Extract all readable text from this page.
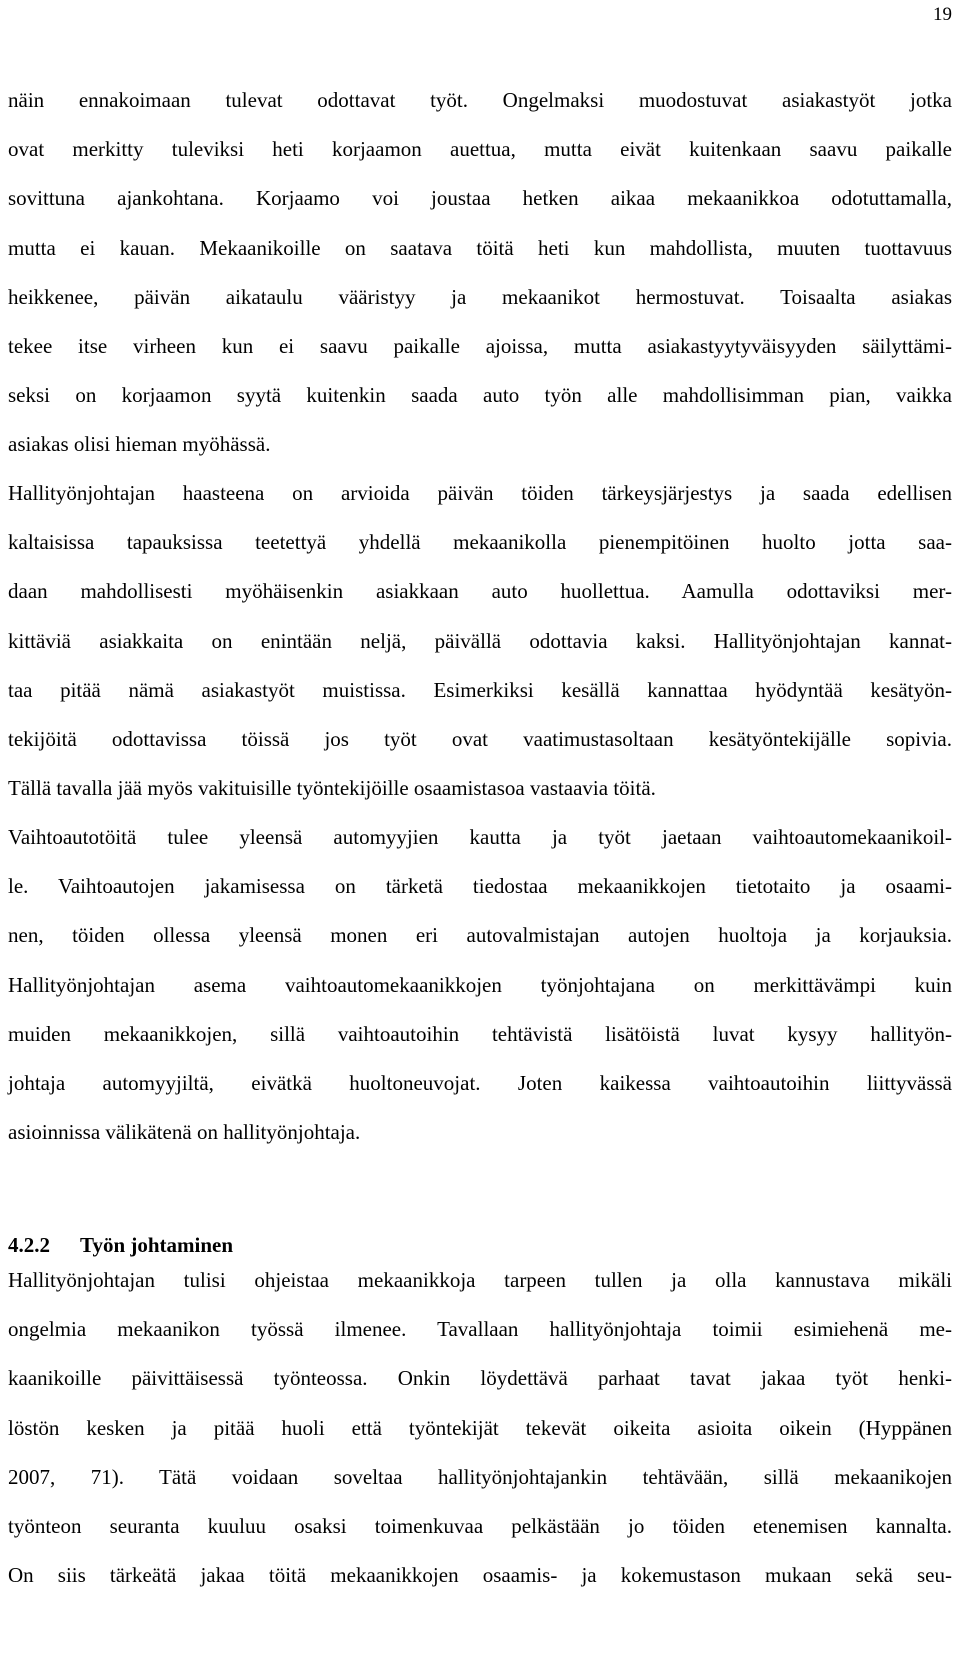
19
näin ennakoimaan tulevat odottavat työt. Ongelmaksi muodostuvat asiakastyöt jotka
ovat merkitty tuleviksi heti korjaamon auettua, mutta eivät kuitenkaan saavu paikalle
sovittuna ajankohtana. Korjaamo voi joustaa hetken aikaa mekaanikkoa odotuttamalla,
mutta ei kauan. Mekaanikoille on saatava töitä heti kun mahdollista, muuten tuottavuus
heikkenee, päivän aikataulu vääristyy ja mekaanikot hermostuvat. Toisaalta asiakas
tekee itse virheen kun ei saavu paikalle ajoissa, mutta asiakastyytyväisyyden säilyttämi-
seksi on korjaamon syytä kuitenkin saada auto työn alle mahdollisimman pian, vaikka
asiakas olisi hieman myöhässä.
Hallityönjohtajan haasteena on arvioida päivän töiden tärkeysjärjestys ja saada edellisen
kaltaisissa tapauksissa teetettyä yhdellä mekaanikolla pienempitöinen huolto jotta saa-
daan mahdollisesti myöhäisenkin asiakkaan auto huollettua. Aamulla odottaviksi mer-
kittäviä asiakkaita on enintään neljä, päivällä odottavia kaksi. Hallityönjohtajan kannat-
taa pitää nämä asiakastyöt muistissa. Esimerkiksi kesällä kannattaa hyödyntää kesätyön-
tekijöitä odottavissa töissä jos työt ovat vaatimustasoltaan kesätyöntekijälle sopivia.
Tällä tavalla jää myös vakituisille työntekijöille osaamistasoa vastaavia töitä.
Vaihtoautotöitä tulee yleensä automyyjien kautta ja työt jaetaan vaihtoautomekaanikoil-
le. Vaihtoautojen jakamisessa on tärketä tiedostaa mekaanikkojen tietotaito ja osaami-
nen, töiden ollessa yleensä monen eri autovalmistajan autojen huoltoja ja korjauksia.
Hallityönjohtajan asema vaihtoautomekaanikkojen työnjohtajana on merkittävämpi kuin
muiden mekaanikkojen, sillä vaihtoautoihin tehtävistä lisätöistä luvat kysyy hallityön-
johtaja automyyjiltä, eivätkä huoltoneuvojat. Joten kaikessa vaihtoautoihin liittyvässä
asioinnissa välikätenä on hallityönjohtaja.
4.2.2 Työn johtaminen
Hallityönjohtajan tulisi ohjeistaa mekaanikkoja tarpeen tullen ja olla kannustava mikäli
ongelmia mekaanikon työssä ilmenee. Tavallaan hallityönjohtaja toimii esimiehenä me-
kaanikoille päivittäisessä työnteossa. Onkin löydettävä parhaat tavat jakaa työt henki-
löstön kesken ja pitää huoli että työntekijät tekevät oikeita asioita oikein (Hyppänen
2007, 71). Tätä voidaan soveltaa hallityönjohtajankin tehtävään, sillä mekaanikojen
työnteon seuranta kuuluu osaksi toimenkuvaa pelkästään jo töiden etenemisen kannalta.
On siis tärkeätä jakaa töitä mekaanikkojen osaamis- ja kokemustason mukaan sekä seu-
